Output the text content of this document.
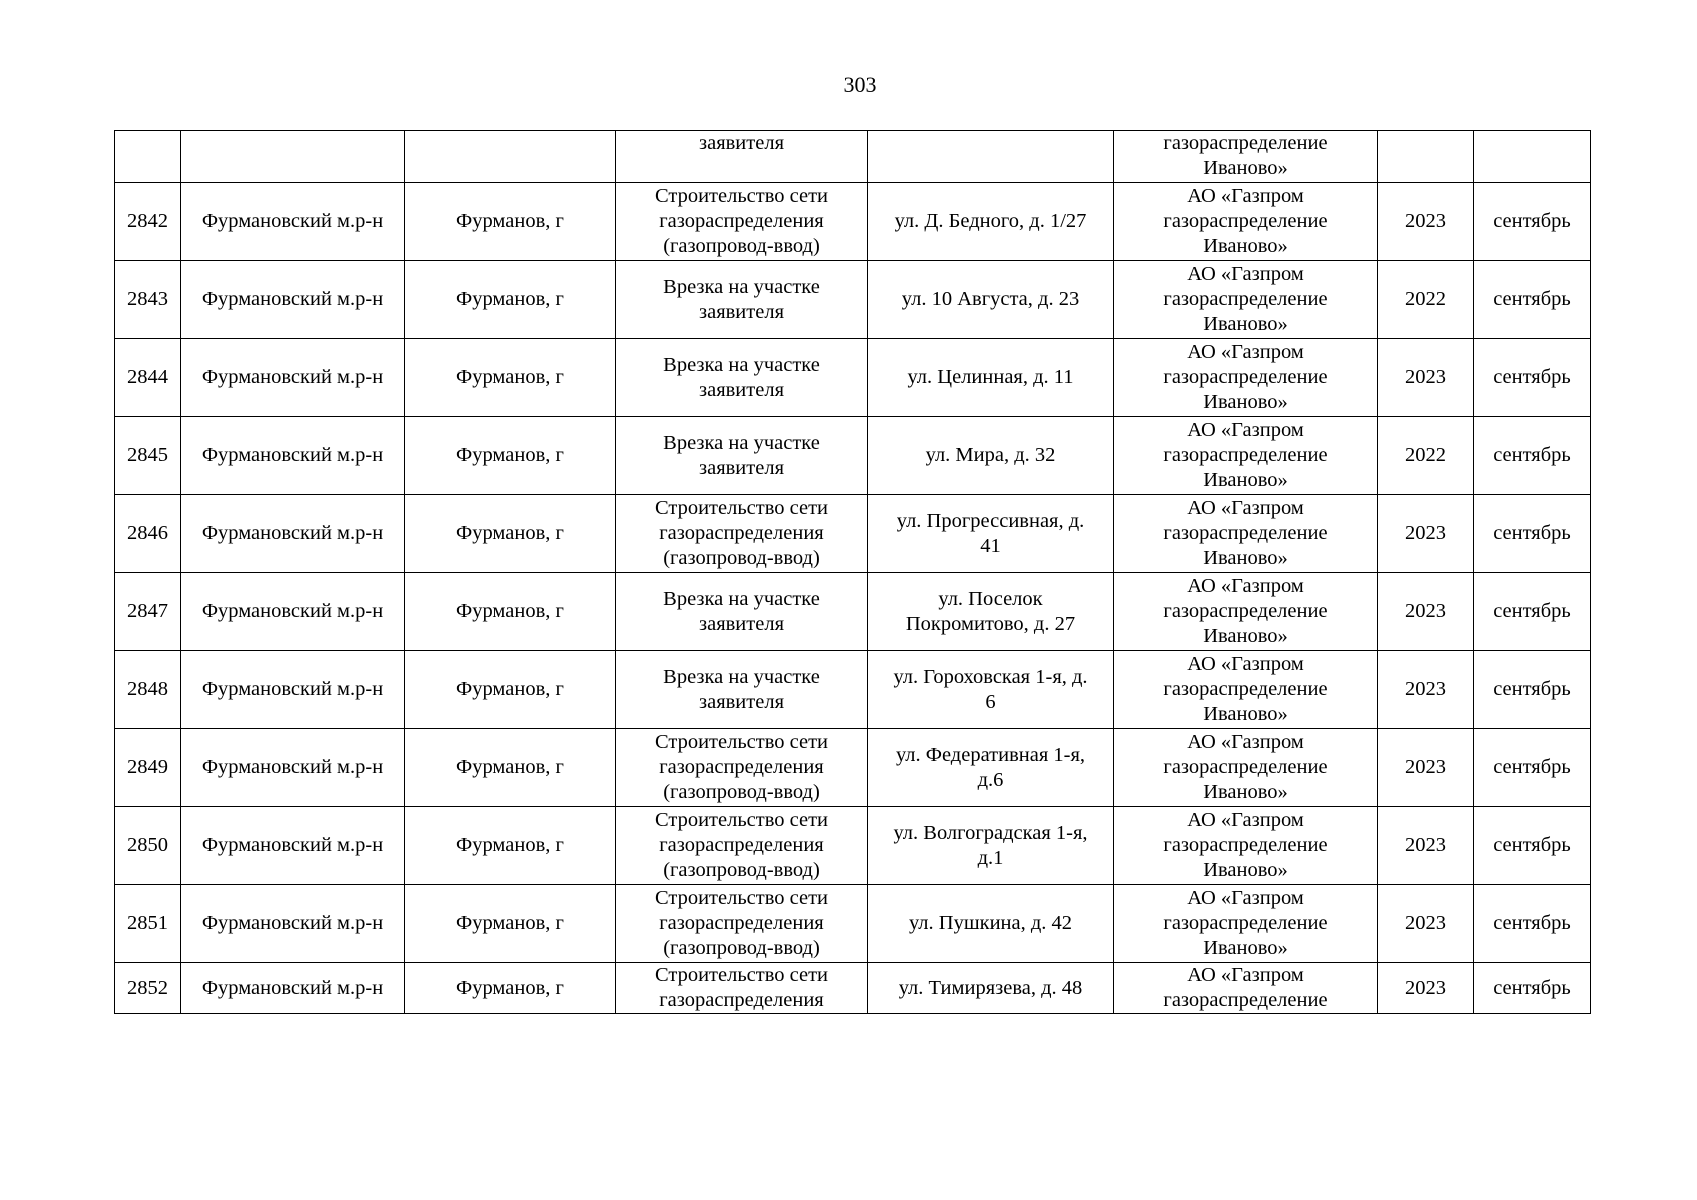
303
			заявителя		газораспределение
Иваново»		
2842	Фурмановский м.р-н	Фурманов, г	Строительство сети
газораспределения
(газопровод-ввод)	ул. Д. Бедного, д. 1/27	АО «Газпром
газораспределение
Иваново»	2023	сентябрь
2843	Фурмановский м.р-н	Фурманов, г	Врезка на участке
заявителя	ул. 10 Августа, д. 23	АО «Газпром
газораспределение
Иваново»	2022	сентябрь
2844	Фурмановский м.р-н	Фурманов, г	Врезка на участке
заявителя	ул. Целинная, д. 11	АО «Газпром
газораспределение
Иваново»	2023	сентябрь
2845	Фурмановский м.р-н	Фурманов, г	Врезка на участке
заявителя	ул. Мира, д. 32	АО «Газпром
газораспределение
Иваново»	2022	сентябрь
2846	Фурмановский м.р-н	Фурманов, г	Строительство сети
газораспределения
(газопровод-ввод)	ул. Прогрессивная, д.
41	АО «Газпром
газораспределение
Иваново»	2023	сентябрь
2847	Фурмановский м.р-н	Фурманов, г	Врезка на участке
заявителя	ул. Поселок
Покромитово, д. 27	АО «Газпром
газораспределение
Иваново»	2023	сентябрь
2848	Фурмановский м.р-н	Фурманов, г	Врезка на участке
заявителя	ул. Гороховская 1-я, д.
6	АО «Газпром
газораспределение
Иваново»	2023	сентябрь
2849	Фурмановский м.р-н	Фурманов, г	Строительство сети
газораспределения
(газопровод-ввод)	ул. Федеративная 1-я,
д.6	АО «Газпром
газораспределение
Иваново»	2023	сентябрь
2850	Фурмановский м.р-н	Фурманов, г	Строительство сети
газораспределения
(газопровод-ввод)	ул. Волгоградская 1-я,
д.1	АО «Газпром
газораспределение
Иваново»	2023	сентябрь
2851	Фурмановский м.р-н	Фурманов, г	Строительство сети
газораспределения
(газопровод-ввод)	ул. Пушкина, д. 42	АО «Газпром
газораспределение
Иваново»	2023	сентябрь
2852	Фурмановский м.р-н	Фурманов, г	Строительство сети
газораспределения	ул. Тимирязева, д. 48	АО «Газпром
газораспределение	2023	сентябрь
